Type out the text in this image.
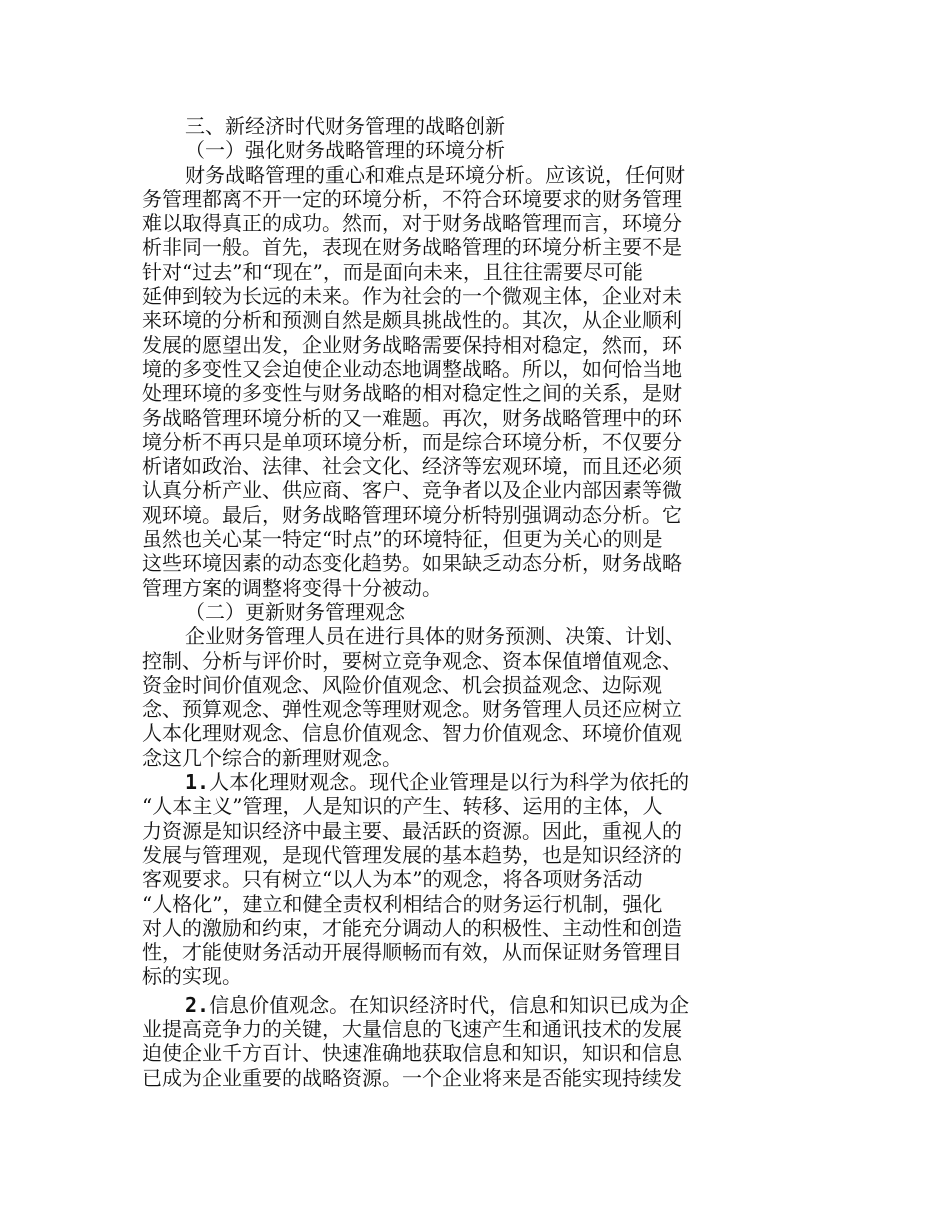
三、新经济时代财务管理的战略创新
（一）强化财务战略管理的环境分析
财务战略管理的重心和难点是环境分析。应该说，任何财
务管理都离不开一定的环境分析，不符合环境要求的财务管理
难以取得真正的成功。然而，对于财务战略管理而言，环境分
析非同一般。首先，表现在财务战略管理的环境分析主要不是
针对“过去”和“现在”，而是面向未来，且往往需要尽可能
延伸到较为长远的未来。作为社会的一个微观主体，企业对未
来环境的分析和预测自然是颇具挑战性的。其次，从企业顺利
发展的愿望出发，企业财务战略需要保持相对稳定，然而，环
境的多变性又会迫使企业动态地调整战略。所以，如何恰当地
处理环境的多变性与财务战略的相对稳定性之间的关系，是财
务战略管理环境分析的又一难题。再次，财务战略管理中的环
境分析不再只是单项环境分析，而是综合环境分析，不仅要分
析诸如政治、法律、社会文化、经济等宏观环境，而且还必须
认真分析产业、供应商、客户、竞争者以及企业内部因素等微
观环境。最后，财务战略管理环境分析特别强调动态分析。它
虽然也关心某一特定“时点”的环境特征，但更为关心的则是
这些环境因素的动态变化趋势。如果缺乏动态分析，财务战略
管理方案的调整将变得十分被动。
（二）更新财务管理观念
企业财务管理人员在进行具体的财务预测、决策、计划、
控制、分析与评价时，要树立竞争观念、资本保值增值观念、
资金时间价值观念、风险价值观念、机会损益观念、边际观
念、预算观念、弹性观念等理财观念。财务管理人员还应树立
人本化理财观念、信息价值观念、智力价值观念、环境价值观
念这几个综合的新理财观念。
1.人本化理财观念。现代企业管理是以行为科学为依托的
“人本主义”管理，人是知识的产生、转移、运用的主体，人
力资源是知识经济中最主要、最活跃的资源。因此，重视人的
发展与管理观，是现代管理发展的基本趋势，也是知识经济的
客观要求。只有树立“以人为本”的观念，将各项财务活动
“人格化”，建立和健全责权利相结合的财务运行机制，强化
对人的激励和约束，才能充分调动人的积极性、主动性和创造
性，才能使财务活动开展得顺畅而有效，从而保证财务管理目
标的实现。
2.信息价值观念。在知识经济时代，信息和知识已成为企
业提高竞争力的关键，大量信息的飞速产生和通讯技术的发展
迫使企业千方百计、快速准确地获取信息和知识，知识和信息
已成为企业重要的战略资源。一个企业将来是否能实现持续发
